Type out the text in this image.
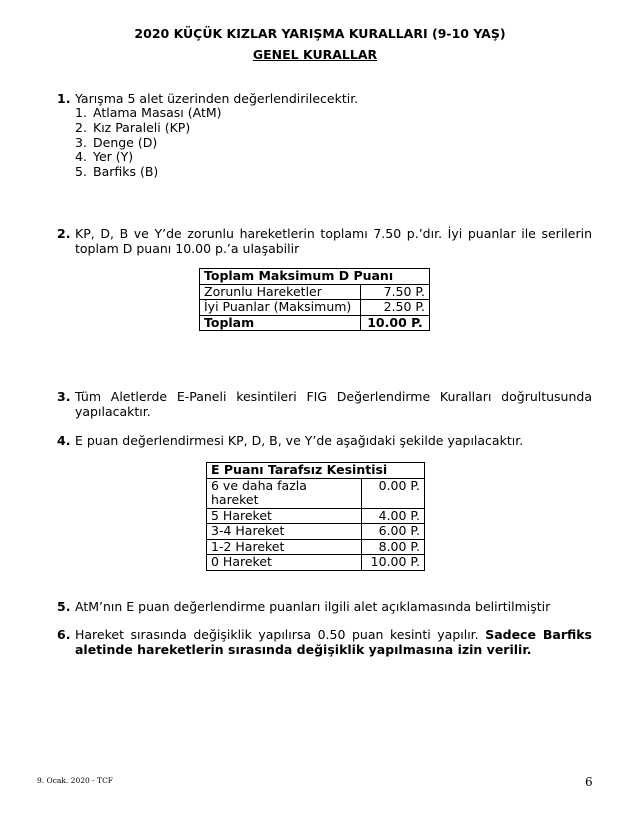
2020 KÜÇÜK KIZLAR YARIŞMA KURALLARI (9-10 YAŞ)
GENEL KURALLAR
1. Yarışma 5 alet üzerinden değerlendirilecektir.
1. Atlama Masası (AtM)
2. Kız Paraleli (KP)
3. Denge (D)
4. Yer (Y)
5. Barfiks (B)
2. KP, D, B ve Y’de zorunlu hareketlerin toplamı 7.50 p.’dır. İyi puanlar ile serilerin toplam D puanı 10.00 p.’a ulaşabilir
Toplam Maksimum D Puanı	
Zorunlu Hareketler	7.50 P.
İyi Puanlar (Maksimum)	2.50 P.
Toplam	10.00 P.
3. Tüm Aletlerde E-Paneli kesintileri FIG Değerlendirme Kuralları doğrultusunda yapılacaktır.
4. E puan değerlendirmesi KP, D, B, ve Y’de aşağıdaki şekilde yapılacaktır.
E Puanı Tarafsız Kesintisi	
6 ve daha fazla hareket	0.00 P.
5 Hareket	4.00 P.
3-4 Hareket	6.00 P.
1-2 Hareket	8.00 P.
0 Hareket	10.00 P.
5. AtM’nın E puan değerlendirme puanları ilgili alet açıklamasında belirtilmiştir
6. Hareket sırasında değişiklik yapılırsa 0.50 puan kesinti yapılır. Sadece Barfiks aletinde hareketlerin sırasında değişiklik yapılmasına izin verilir.
9. Ocak. 2020 - TCF	6
